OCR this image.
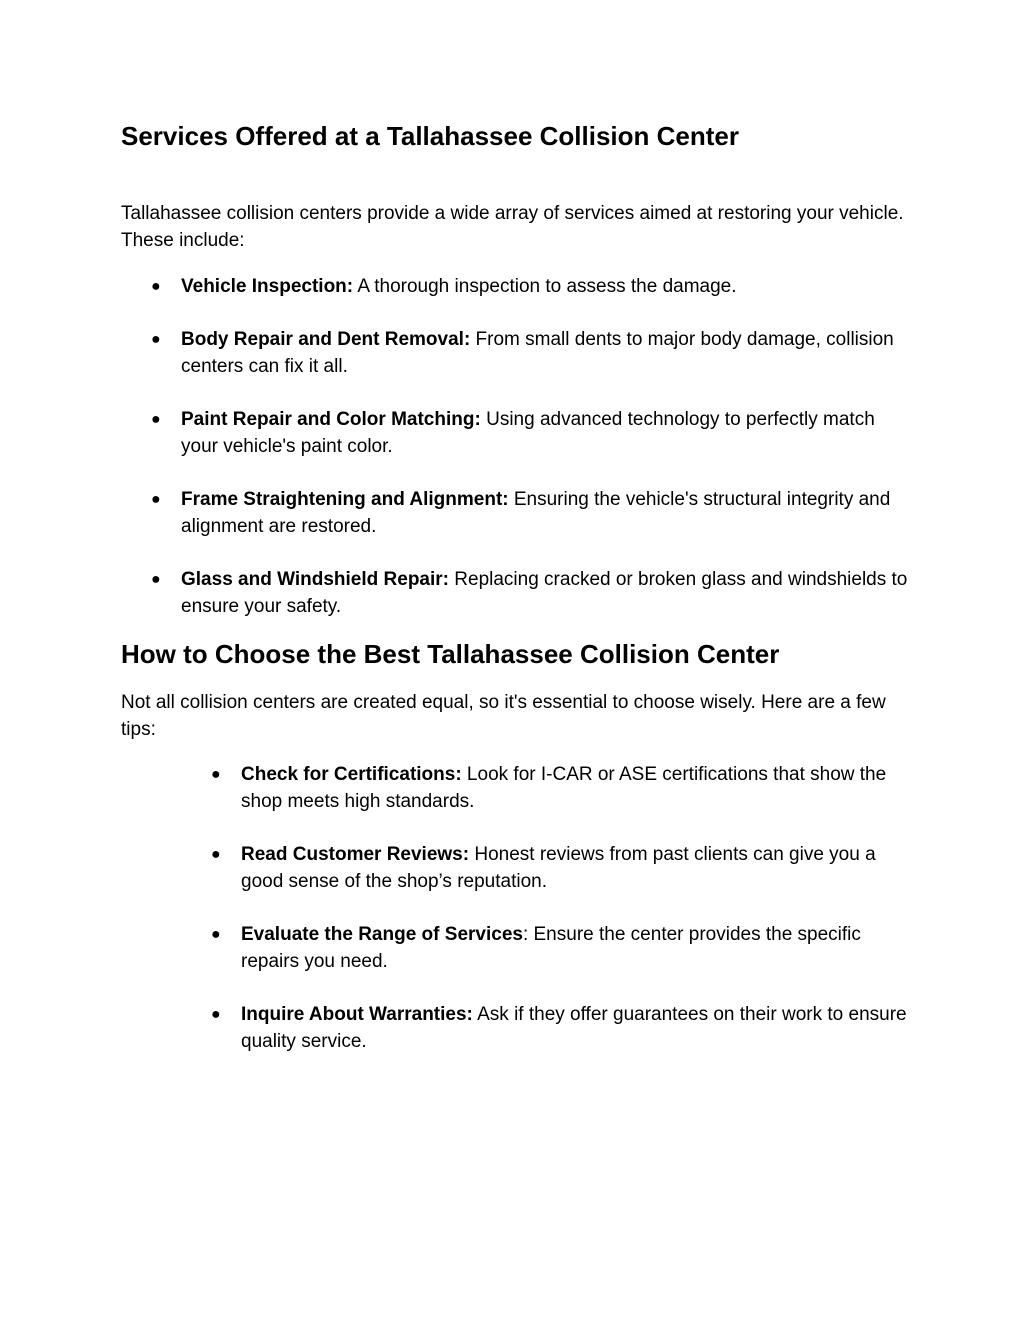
Services Offered at a Tallahassee Collision Center

Tallahassee collision centers provide a wide array of services aimed at restoring your vehicle. These include:

● Vehicle Inspection: A thorough inspection to assess the damage.
● Body Repair and Dent Removal: From small dents to major body damage, collision centers can fix it all.
● Paint Repair and Color Matching: Using advanced technology to perfectly match your vehicle's paint color.
● Frame Straightening and Alignment: Ensuring the vehicle's structural integrity and alignment are restored.
● Glass and Windshield Repair: Replacing cracked or broken glass and windshields to ensure your safety.
How to Choose the Best Tallahassee Collision Center

Not all collision centers are created equal, so it's essential to choose wisely. Here are a few tips:

● Check for Certifications: Look for I-CAR or ASE certifications that show the shop meets high standards.
● Read Customer Reviews: Honest reviews from past clients can give you a good sense of the shop’s reputation.
● Evaluate the Range of Services: Ensure the center provides the specific repairs you need.
● Inquire About Warranties: Ask if they offer guarantees on their work to ensure quality service.
